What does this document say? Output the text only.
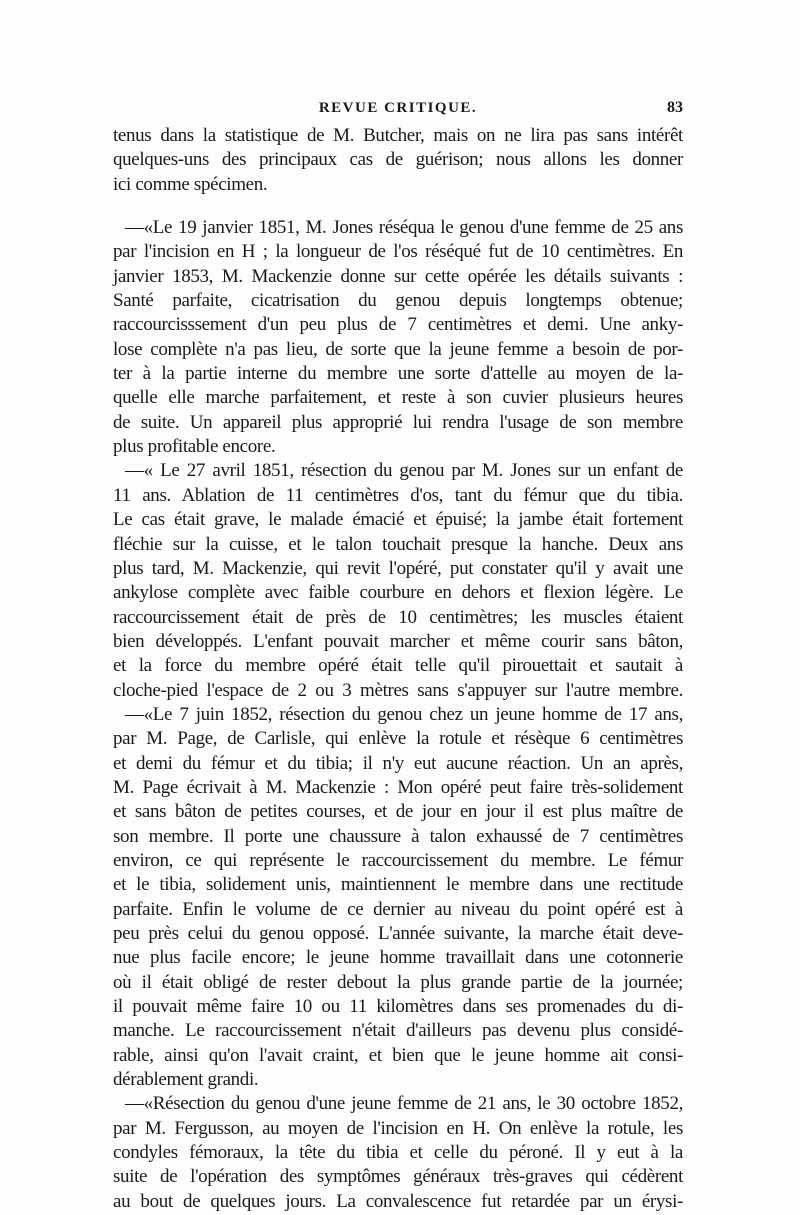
REVUE CRITIQUE.	83
tenus dans la statistique de M. Butcher, mais on ne lira pas sans intérêt
quelques-uns des principaux cas de guérison; nous allons les donner
ici comme spécimen.
—«Le 19 janvier 1851, M. Jones réséqua le genou d'une femme de 25 ans
par l'incision en H ; la longueur de l'os réséqué fut de 10 centimètres. En
janvier 1853, M. Mackenzie donne sur cette opérée les détails suivants :
Santé parfaite, cicatrisation du genou depuis longtemps obtenue;
raccourcisssement d'un peu plus de 7 centimètres et demi. Une anky-
lose complète n'a pas lieu, de sorte que la jeune femme a besoin de por-
ter à la partie interne du membre une sorte d'attelle au moyen de la-
quelle elle marche parfaitement, et reste à son cuvier plusieurs heures
de suite. Un appareil plus approprié lui rendra l'usage de son membre
plus profitable encore.
—« Le 27 avril 1851, résection du genou par M. Jones sur un enfant de
11 ans. Ablation de 11 centimètres d'os, tant du fémur que du tibia.
Le cas était grave, le malade émacié et épuisé; la jambe était fortement
fléchie sur la cuisse, et le talon touchait presque la hanche. Deux ans
plus tard, M. Mackenzie, qui revit l'opéré, put constater qu'il y avait une
ankylose complète avec faible courbure en dehors et flexion légère. Le
raccourcissement était de près de 10 centimètres; les muscles étaient
bien développés. L'enfant pouvait marcher et même courir sans bâton,
et la force du membre opéré était telle qu'il pirouettait et sautait à
cloche-pied l'espace de 2 ou 3 mètres sans s'appuyer sur l'autre membre.
—«Le 7 juin 1852, résection du genou chez un jeune homme de 17 ans,
par M. Page, de Carlisle, qui enlève la rotule et résèque 6 centimètres
et demi du fémur et du tibia; il n'y eut aucune réaction. Un an après,
M. Page écrivait à M. Mackenzie : Mon opéré peut faire très-solidement
et sans bâton de petites courses, et de jour en jour il est plus maître de
son membre. Il porte une chaussure à talon exhaussé de 7 centimètres
environ, ce qui représente le raccourcissement du membre. Le fémur
et le tibia, solidement unis, maintiennent le membre dans une rectitude
parfaite. Enfin le volume de ce dernier au niveau du point opéré est à
peu près celui du genou opposé. L'année suivante, la marche était deve-
nue plus facile encore; le jeune homme travaillait dans une cotonnerie
où il était obligé de rester debout la plus grande partie de la journée;
il pouvait même faire 10 ou 11 kilomètres dans ses promenades du di-
manche. Le raccourcissement n'était d'ailleurs pas devenu plus considé-
rable, ainsi qu'on l'avait craint, et bien que le jeune homme ait consi-
dérablement grandi.
—«Résection du genou d'une jeune femme de 21 ans, le 30 octobre 1852,
par M. Fergusson, au moyen de l'incision en H. On enlève la rotule, les
condyles fémoraux, la tête du tibia et celle du péroné. Il y eut à la
suite de l'opération des symptômes généraux très-graves qui cédèrent
au bout de quelques jours. La convalescence fut retardée par un érysi-
